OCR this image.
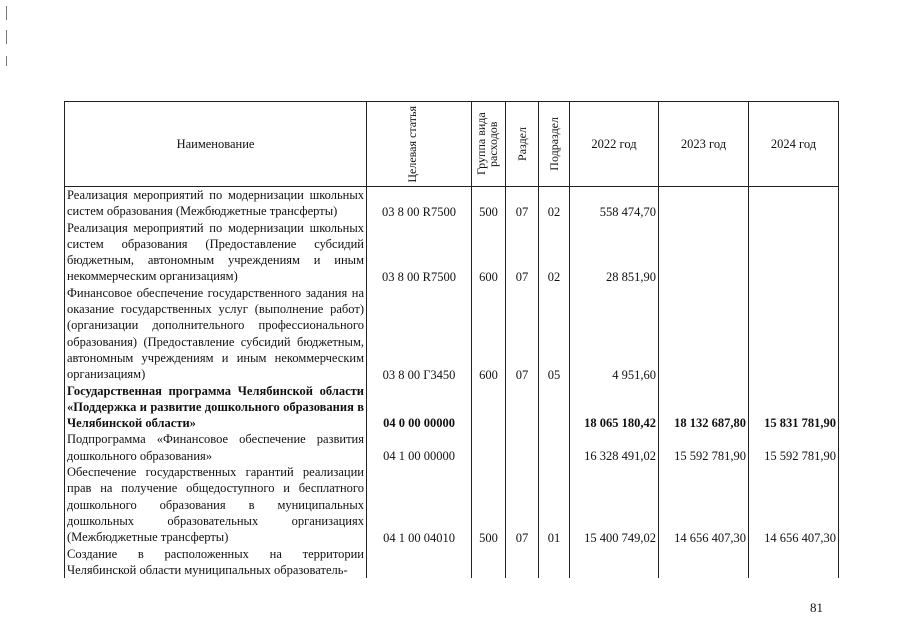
Наименование	Целевая статья	Группа вида расходов	Раздел	Подраздел	2022 год	2023 год	2024 год
Реализация мероприятий по модернизации школьных систем образования (Межбюджетные трансферты)	03 8 00 R7500	500	07	02	558 474,70		
Реализация мероприятий по модернизации школьных систем образования (Предоставление субсидий бюджетным, автономным учреждениям и иным некоммерческим организациям)	03 8 00 R7500	600	07	02	28 851,90		
Финансовое обеспечение государственного задания на оказание государственных услуг (выполнение работ) (организации дополнительного профессионального образования) (Предоставление субсидий бюджетным, автономным учреждениям и иным некоммерческим организациям)	03 8 00 Г3450	600	07	05	4 951,60		
Государственная программа Челябинской области «Поддержка и развитие дошкольного образования в Челябинской области»	04 0 00 00000				18 065 180,42	18 132 687,80	15 831 781,90
Подпрограмма «Финансовое обеспечение развития дошкольного образования»	04 1 00 00000				16 328 491,02	15 592 781,90	15 592 781,90
Обеспечение государственных гарантий реализации прав на получение общедоступного и бесплатного дошкольного образования в муниципальных дошкольных образовательных организациях (Межбюджетные трансферты)	04 1 00 04010	500	07	01	15 400 749,02	14 656 407,30	14 656 407,30
Создание в расположенных на территории Челябинской области муниципальных образователь-							
81
